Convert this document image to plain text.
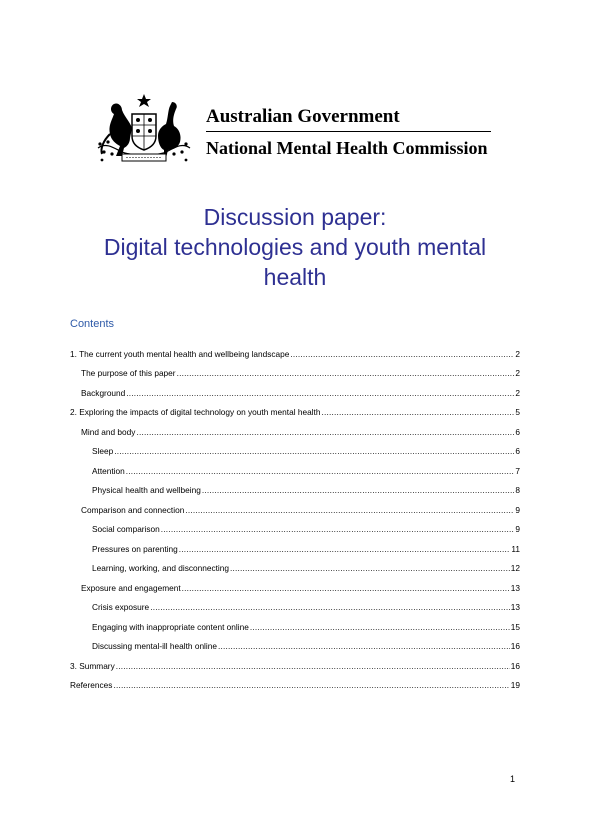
Australian Government
National Mental Health Commission
Discussion paper:
Digital technologies and youth mental
health
Contents
1. The current youth mental health and wellbeing landscape .....	2
The purpose of this paper .....	2
Background .....	2
2. Exploring the impacts of digital technology on youth mental health .....	5
Mind and body .....	6
Sleep .....	6
Attention .....	7
Physical health and wellbeing .....	8
Comparison and connection .....	9
Social comparison .....	9
Pressures on parenting .....	11
Learning, working, and disconnecting .....	12
Exposure and engagement .....	13
Crisis exposure .....	13
Engaging with inappropriate content online .....	15
Discussing mental-ill health online .....	16
3. Summary .....	16
References .....	19
1
